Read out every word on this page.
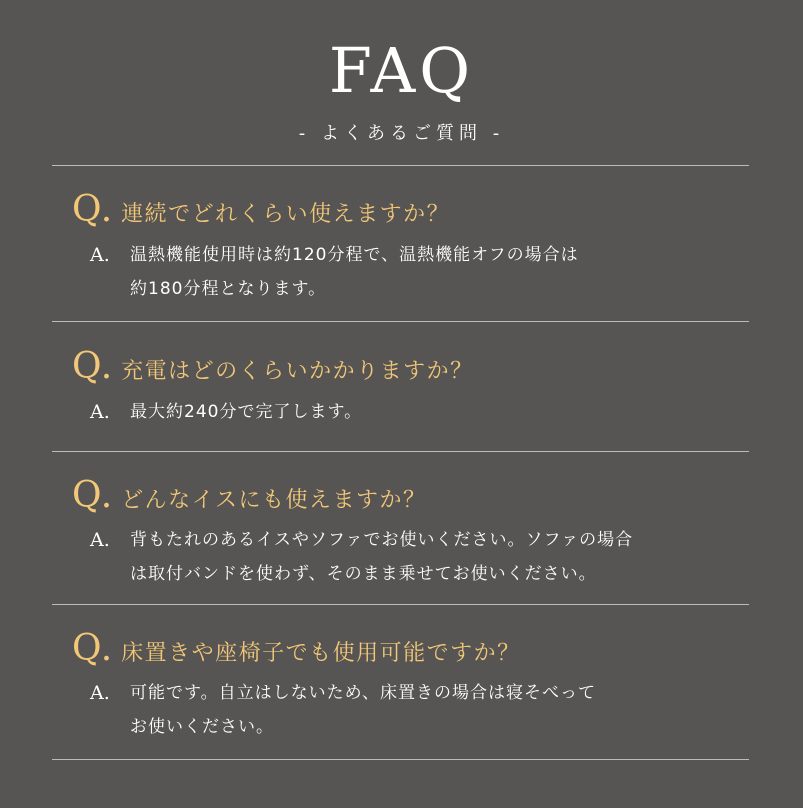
FAQ
- よくあるご質問 -
Q. 連続でどれくらい使えますか？
A.	温熱機能使用時は約120分程で、温熱機能オフの場合は
約180分程となります。
Q. 充電はどのくらいかかりますか？
A.	最大約240分で完了します。
Q. どんなイスにも使えますか？
A.	背もたれのあるイスやソファでお使いください。ソファの場合
は取付バンドを使わず、そのまま乗せてお使いください。
Q. 床置きや座椅子でも使用可能ですか？
A.	可能です。自立はしないため、床置きの場合は寝そべって
お使いください。
